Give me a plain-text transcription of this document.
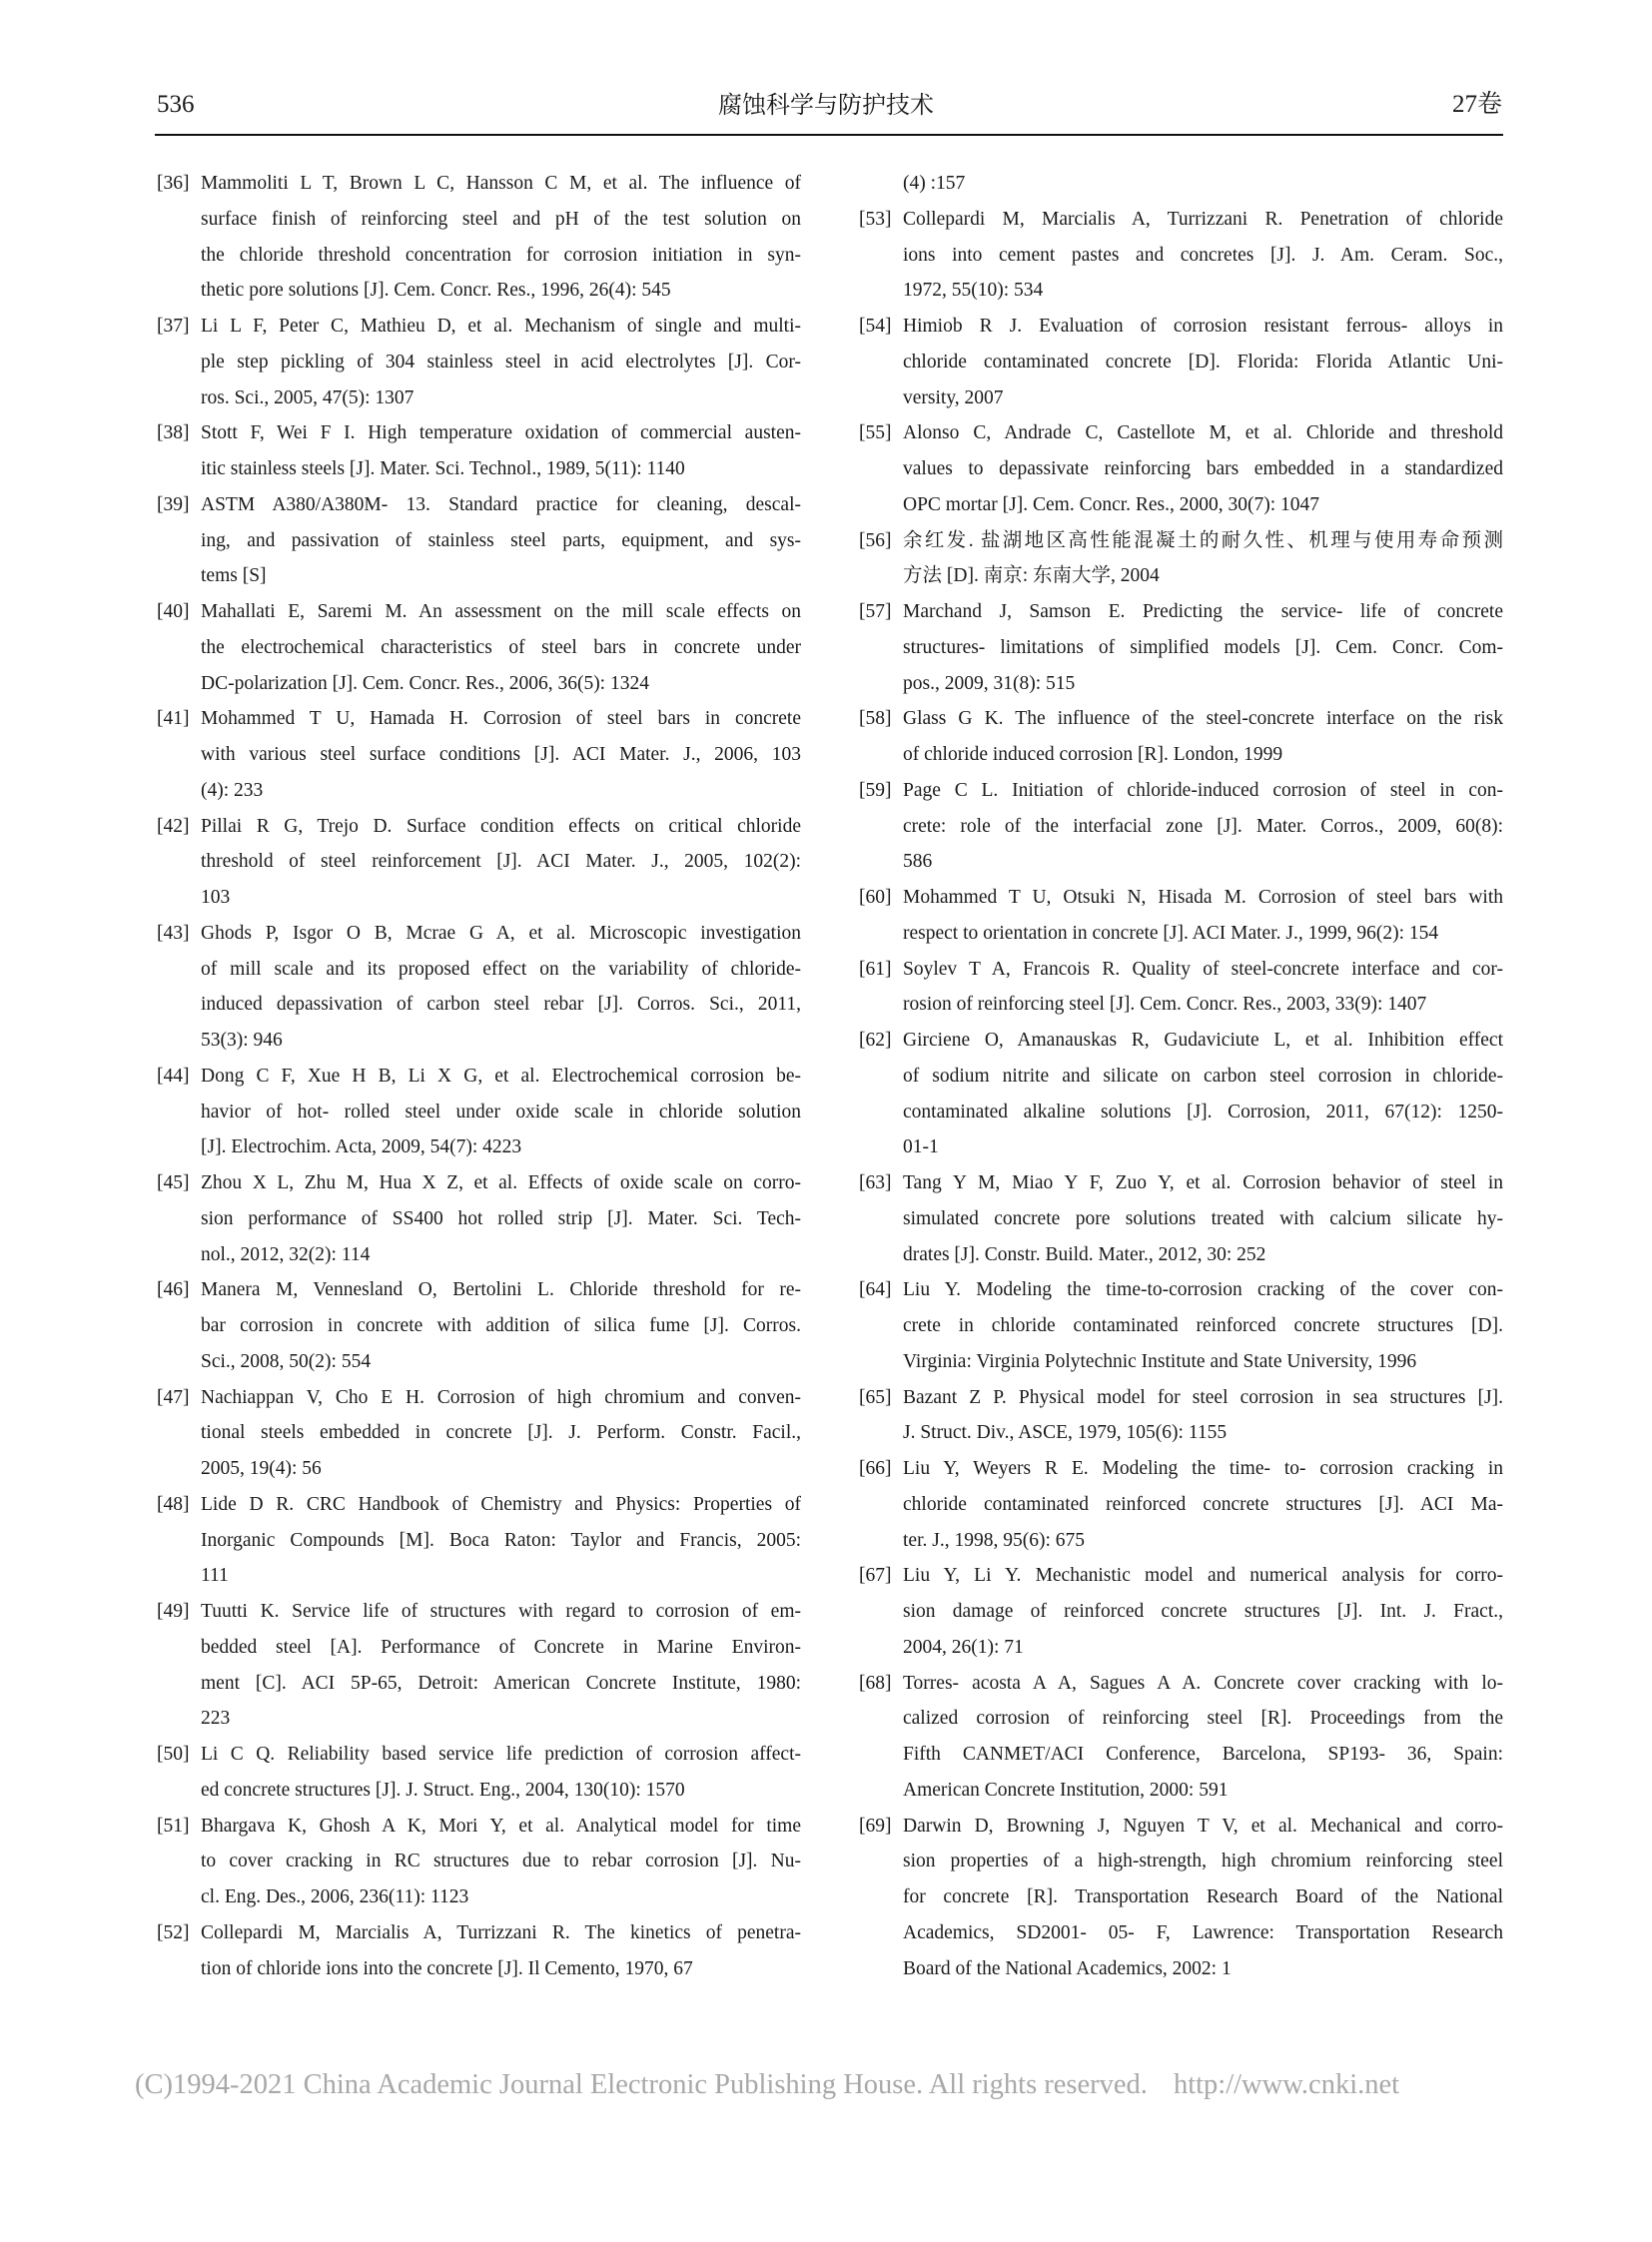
536	腐蚀科学与防护技术	27卷
[36] Mammoliti L T, Brown L C, Hansson C M, et al. The influence of
surface finish of reinforcing steel and pH of the test solution on
the chloride threshold concentration for corrosion initiation in syn-
thetic pore solutions [J]. Cem. Concr. Res., 1996, 26(4): 545
[37] Li L F, Peter C, Mathieu D, et al. Mechanism of single and multi-
ple step pickling of 304 stainless steel in acid electrolytes [J]. Cor-
ros. Sci., 2005, 47(5): 1307
[38] Stott F, Wei F I. High temperature oxidation of commercial austen-
itic stainless steels [J]. Mater. Sci. Technol., 1989, 5(11): 1140
[39] ASTM A380/A380M- 13. Standard practice for cleaning, descal-
ing, and passivation of stainless steel parts, equipment, and sys-
tems [S]
[40] Mahallati E, Saremi M. An assessment on the mill scale effects on
the electrochemical characteristics of steel bars in concrete under
DC-polarization [J]. Cem. Concr. Res., 2006, 36(5): 1324
[41] Mohammed T U, Hamada H. Corrosion of steel bars in concrete
with various steel surface conditions [J]. ACI Mater. J., 2006, 103
(4): 233
[42] Pillai R G, Trejo D. Surface condition effects on critical chloride
threshold of steel reinforcement [J]. ACI Mater. J., 2005, 102(2):
103
[43] Ghods P, Isgor O B, Mcrae G A, et al. Microscopic investigation
of mill scale and its proposed effect on the variability of chloride-
induced depassivation of carbon steel rebar [J]. Corros. Sci., 2011,
53(3): 946
[44] Dong C F, Xue H B, Li X G, et al. Electrochemical corrosion be-
havior of hot- rolled steel under oxide scale in chloride solution
[J]. Electrochim. Acta, 2009, 54(7): 4223
[45] Zhou X L, Zhu M, Hua X Z, et al. Effects of oxide scale on corro-
sion performance of SS400 hot rolled strip [J]. Mater. Sci. Tech-
nol., 2012, 32(2): 114
[46] Manera M, Vennesland O, Bertolini L. Chloride threshold for re-
bar corrosion in concrete with addition of silica fume [J]. Corros.
Sci., 2008, 50(2): 554
[47] Nachiappan V, Cho E H. Corrosion of high chromium and conven-
tional steels embedded in concrete [J]. J. Perform. Constr. Facil.,
2005, 19(4): 56
[48] Lide D R. CRC Handbook of Chemistry and Physics: Properties of
Inorganic Compounds [M]. Boca Raton: Taylor and Francis, 2005:
111
[49] Tuutti K. Service life of structures with regard to corrosion of em-
bedded steel [A]. Performance of Concrete in Marine Environ-
ment [C]. ACI 5P-65, Detroit: American Concrete Institute, 1980:
223
[50] Li C Q. Reliability based service life prediction of corrosion affect-
ed concrete structures [J]. J. Struct. Eng., 2004, 130(10): 1570
[51] Bhargava K, Ghosh A K, Mori Y, et al. Analytical model for time
to cover cracking in RC structures due to rebar corrosion [J]. Nu-
cl. Eng. Des., 2006, 236(11): 1123
[52] Collepardi M, Marcialis A, Turrizzani R. The kinetics of penetra-
tion of chloride ions into the concrete [J]. Il Cemento, 1970, 67
(4) :157
[53] Collepardi M, Marcialis A, Turrizzani R. Penetration of chloride
ions into cement pastes and concretes [J]. J. Am. Ceram. Soc.,
1972, 55(10): 534
[54] Himiob R J. Evaluation of corrosion resistant ferrous- alloys in
chloride contaminated concrete [D]. Florida: Florida Atlantic Uni-
versity, 2007
[55] Alonso C, Andrade C, Castellote M, et al. Chloride and threshold
values to depassivate reinforcing bars embedded in a standardized
OPC mortar [J]. Cem. Concr. Res., 2000, 30(7): 1047
[56] 余红发. 盐湖地区高性能混凝土的耐久性、机理与使用寿命预测
方法 [D]. 南京: 东南大学, 2004
[57] Marchand J, Samson E. Predicting the service- life of concrete
structures- limitations of simplified models [J]. Cem. Concr. Com-
pos., 2009, 31(8): 515
[58] Glass G K. The influence of the steel-concrete interface on the risk
of chloride induced corrosion [R]. London, 1999
[59] Page C L. Initiation of chloride-induced corrosion of steel in con-
crete: role of the interfacial zone [J]. Mater. Corros., 2009, 60(8):
586
[60] Mohammed T U, Otsuki N, Hisada M. Corrosion of steel bars with
respect to orientation in concrete [J]. ACI Mater. J., 1999, 96(2): 154
[61] Soylev T A, Francois R. Quality of steel-concrete interface and cor-
rosion of reinforcing steel [J]. Cem. Concr. Res., 2003, 33(9): 1407
[62] Girciene O, Amanauskas R, Gudaviciute L, et al. Inhibition effect
of sodium nitrite and silicate on carbon steel corrosion in chloride-
contaminated alkaline solutions [J]. Corrosion, 2011, 67(12): 1250-
01-1
[63] Tang Y M, Miao Y F, Zuo Y, et al. Corrosion behavior of steel in
simulated concrete pore solutions treated with calcium silicate hy-
drates [J]. Constr. Build. Mater., 2012, 30: 252
[64] Liu Y. Modeling the time-to-corrosion cracking of the cover con-
crete in chloride contaminated reinforced concrete structures [D].
Virginia: Virginia Polytechnic Institute and State University, 1996
[65] Bazant Z P. Physical model for steel corrosion in sea structures [J].
J. Struct. Div., ASCE, 1979, 105(6): 1155
[66] Liu Y, Weyers R E. Modeling the time- to- corrosion cracking in
chloride contaminated reinforced concrete structures [J]. ACI Ma-
ter. J., 1998, 95(6): 675
[67] Liu Y, Li Y. Mechanistic model and numerical analysis for corro-
sion damage of reinforced concrete structures [J]. Int. J. Fract.,
2004, 26(1): 71
[68] Torres- acosta A A, Sagues A A. Concrete cover cracking with lo-
calized corrosion of reinforcing steel [R]. Proceedings from the
Fifth CANMET/ACI Conference, Barcelona, SP193- 36, Spain:
American Concrete Institution, 2000: 591
[69] Darwin D, Browning J, Nguyen T V, et al. Mechanical and corro-
sion properties of a high-strength, high chromium reinforcing steel
for concrete [R]. Transportation Research Board of the National
Academics, SD2001- 05- F, Lawrence: Transportation Research
Board of the National Academics, 2002: 1
(C)1994-2021 China Academic Journal Electronic Publishing House. All rights reserved. http://www.cnki.net
